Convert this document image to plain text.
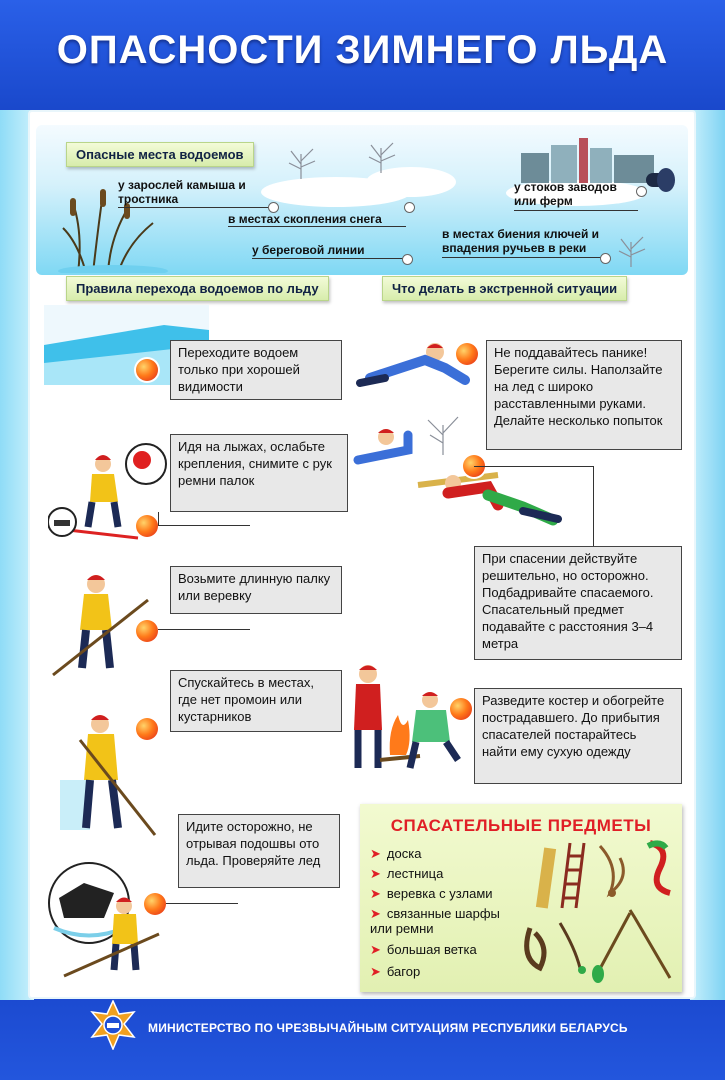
ОПАСНОСТИ ЗИМНЕГО ЛЬДА
Опасные места водоемов
у зарослей камыша и тростника
в местах скопления снега
у береговой линии
у стоков заводов или ферм
в местах биения ключей и впадения ручьев в реки
Правила перехода водоемов по льду	Что делать в экстренной ситуации
Переходите водоем только при хорошей видимости
Идя на лыжах, ослабьте крепления, снимите с рук ремни палок
Возьмите длинную палку или веревку
Спускайтесь в местах, где нет промоин или кустарников
Идите осторожно, не отрывая подошвы ото льда. Проверяйте лед
Не поддавайтесь панике! Берегите силы. Наползайте на лед с широко расставленными руками. Делайте несколько попыток
При спасении действуйте решительно, но осторожно. Подбадривайте спасаемого. Спасательный предмет подавайте с расстояния 3–4 метра
Разведите костер и обогрейте пострадавшего. До прибытия спасателей постарайтесь найти ему сухую одежду
СПАСАТЕЛЬНЫЕ ПРЕДМЕТЫ
➤ доска
➤ лестница
➤ веревка с узлами
➤ связанные шарфы или ремни
➤ большая ветка
➤ багор
МИНИСТЕРСТВО ПО ЧРЕЗВЫЧАЙНЫМ СИТУАЦИЯМ РЕСПУБЛИКИ БЕЛАРУСЬ
